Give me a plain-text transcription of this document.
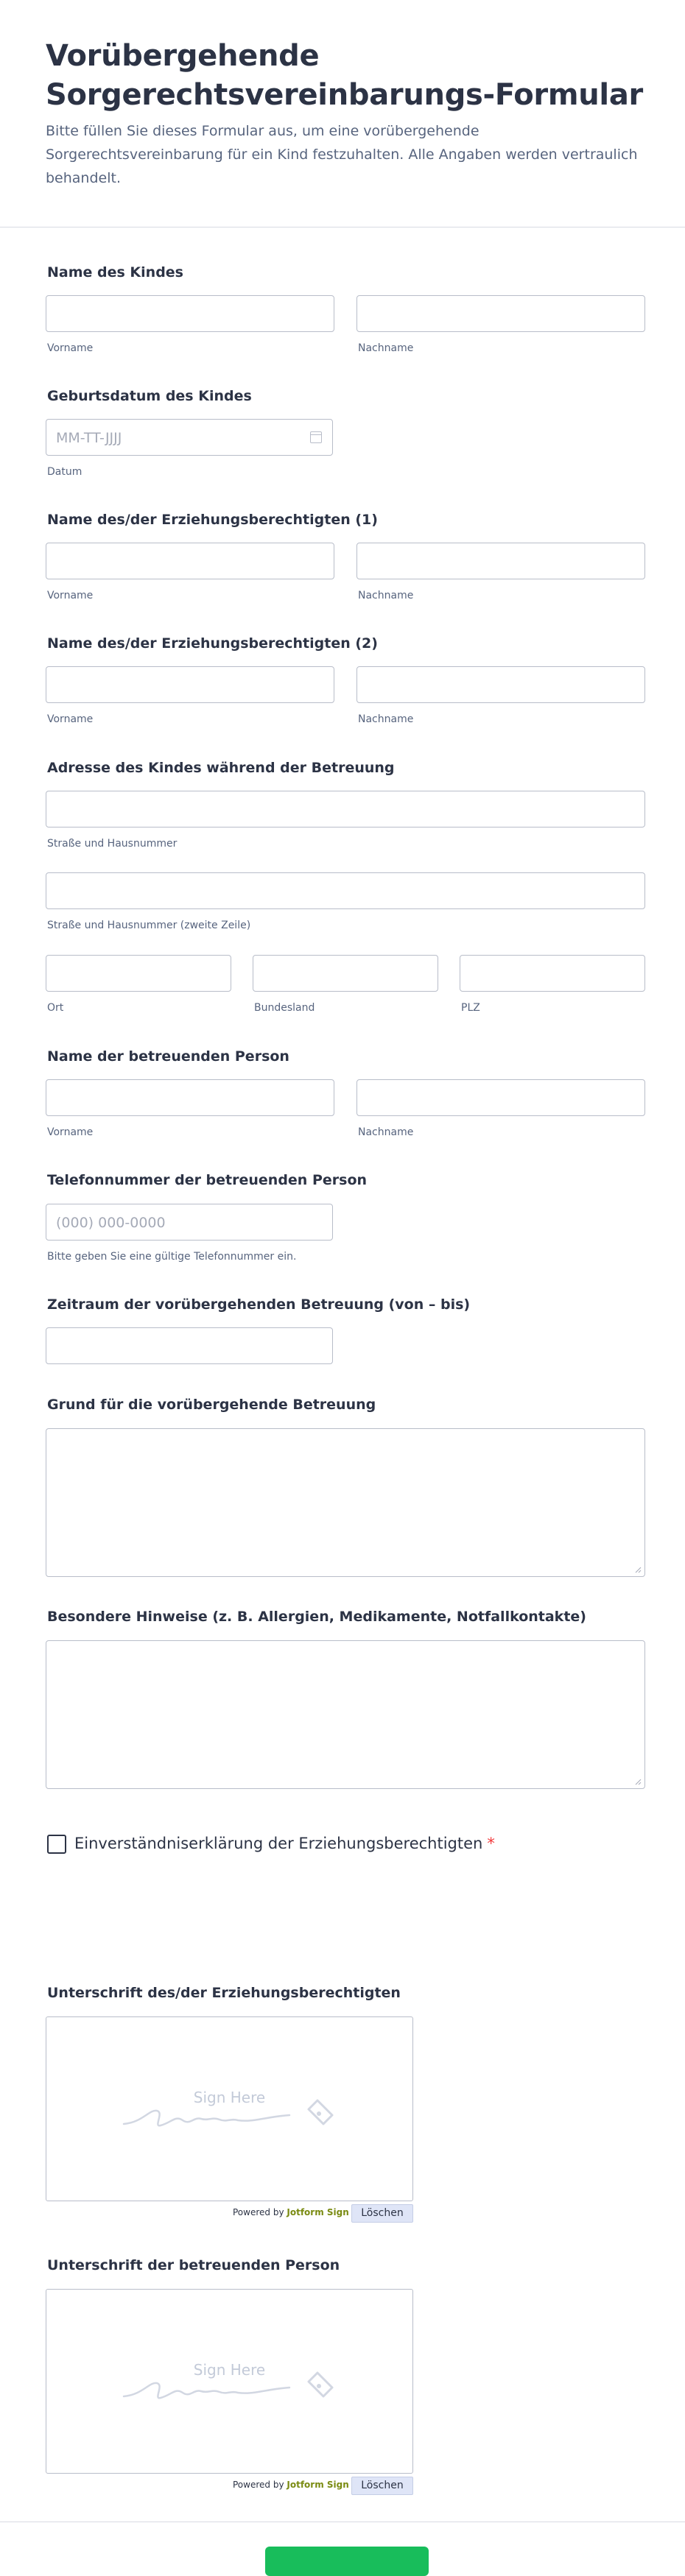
Vorübergehende
Sorgerechtsvereinbarungs-Formular
Bitte füllen Sie dieses Formular aus, um eine vorübergehende Sorgerechtsvereinbarung für ein Kind festzuhalten. Alle Angaben werden vertraulich behandelt.
Name des Kindes
Vorname	Nachname
Geburtsdatum des Kindes
MM-TT-JJJJ
Datum
Name des/der Erziehungsberechtigten (1)
Vorname	Nachname
Name des/der Erziehungsberechtigten (2)
Vorname	Nachname
Adresse des Kindes während der Betreuung
Straße und Hausnummer
Straße und Hausnummer (zweite Zeile)
Ort	Bundesland	PLZ
Name der betreuenden Person
Vorname	Nachname
Telefonnummer der betreuenden Person
(000) 000-0000
Bitte geben Sie eine gültige Telefonnummer ein.
Zeitraum der vorübergehenden Betreuung (von – bis)
Grund für die vorübergehende Betreuung
Besondere Hinweise (z. B. Allergien, Medikamente, Notfallkontakte)
Einverständniserklärung der Erziehungsberechtigten *
Unterschrift des/der Erziehungsberechtigten
Sign Here
Powered by Jotform Sign	Löschen
Unterschrift der betreuenden Person
Sign Here
Powered by Jotform Sign	Löschen
